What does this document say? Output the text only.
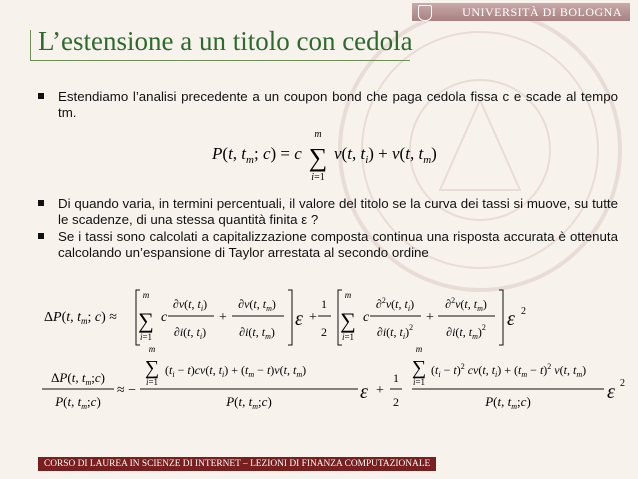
UNIVERSITÀ DI BOLOGNA
L’estensione a un titolo con cedola
Estendiamo l’analisi precedente a un coupon bond che paga cedola fissa c e scade al tempo tm.
Di quando varia, in termini percentuali, il valore del titolo se la curva dei tassi si muove, su tutte le scadenze, di una stessa quantità finita ε ?
Se i tassi sono calcolati a capitalizzazione composta continua una risposta accurata è ottenuta calcolando un’espansione di Taylor arrestata al secondo ordine
P(t, $t_m$; c) = c
m
∑
i=1
v(t, $t_i) + v(t$, $t_m$)
ΔP(t, $t_m$; c) ≈
m
∑
i=1
c
∂v(t, $t_i$)
∂i(t, $t_i$)
+
∂v(t, $t_m$)
∂i(t, $t_m$)
ε +
1
2
m
∑
i=1
c
∂$^2$v(t, $t_i$)
∂i(t, $t_i)^2$
+
∂$^2$v(t, $t_m$)
∂i(t, $t_m)^2$ ε 2
ΔP(t, $t_m;c$)
P(t, $t_m;c$)
≈ −
m
∑
i=1
$(t_i - t)cv(t$, $t_i) + (t_m - t)v(t$, $t_m$)
P(t, $t_m;c$)	ε +
1
2
m
∑
i=1
$(t_i - t)^2$ cv(t, $t_i) + (t_m - t)^2$ v(t, $t_m$)
P(t, $t_m;c$)	ε 2
CORSO DI LAUREA IN SCIENZE DI INTERNET – LEZIONI DI FINANZA COMPUTAZIONALE
